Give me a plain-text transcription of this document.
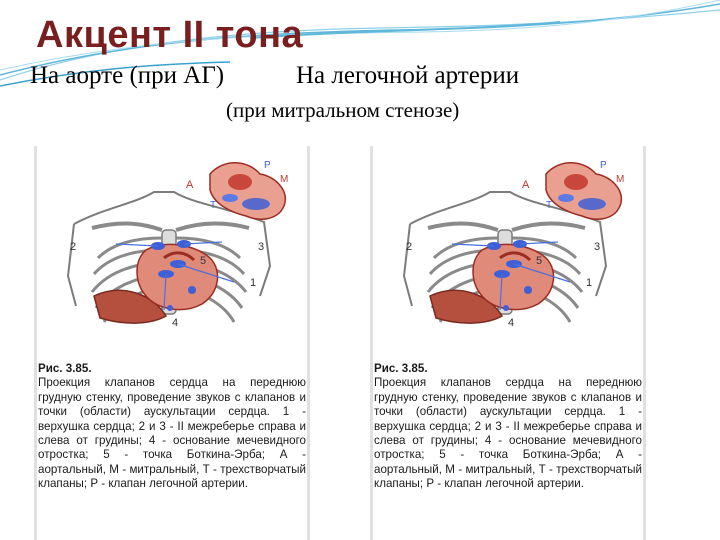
Акцент II тона
На аорте (при АГ)	На легочной артерии
(при митральном стенозе)
2	3
1
4
5
А
Р
М
Т
Рис. 3.85.
Проекция клапанов сердца на переднюю грудную стенку, проведение звуков с клапанов и точки (области) аускультации сердца. 1 - верхушка сердца; 2 и 3 - II межреберье справа и слева от грудины; 4 - основание мечевидного отростка; 5 - точка Боткина-Эрба; А - аортальный, М - митральный, Т - трехстворчатый клапаны; Р - клапан легочной артерии.
2	3
1
4
5
А
Р
М
Т
Рис. 3.85.
Проекция клапанов сердца на переднюю грудную стенку, проведение звуков с клапанов и точки (области) аускультации сердца. 1 - верхушка сердца; 2 и 3 - II межреберье справа и слева от грудины; 4 - основание мечевидного отростка; 5 - точка Боткина-Эрба; А - аортальный, М - митральный, Т - трехстворчатый клапаны; Р - клапан легочной артерии.
